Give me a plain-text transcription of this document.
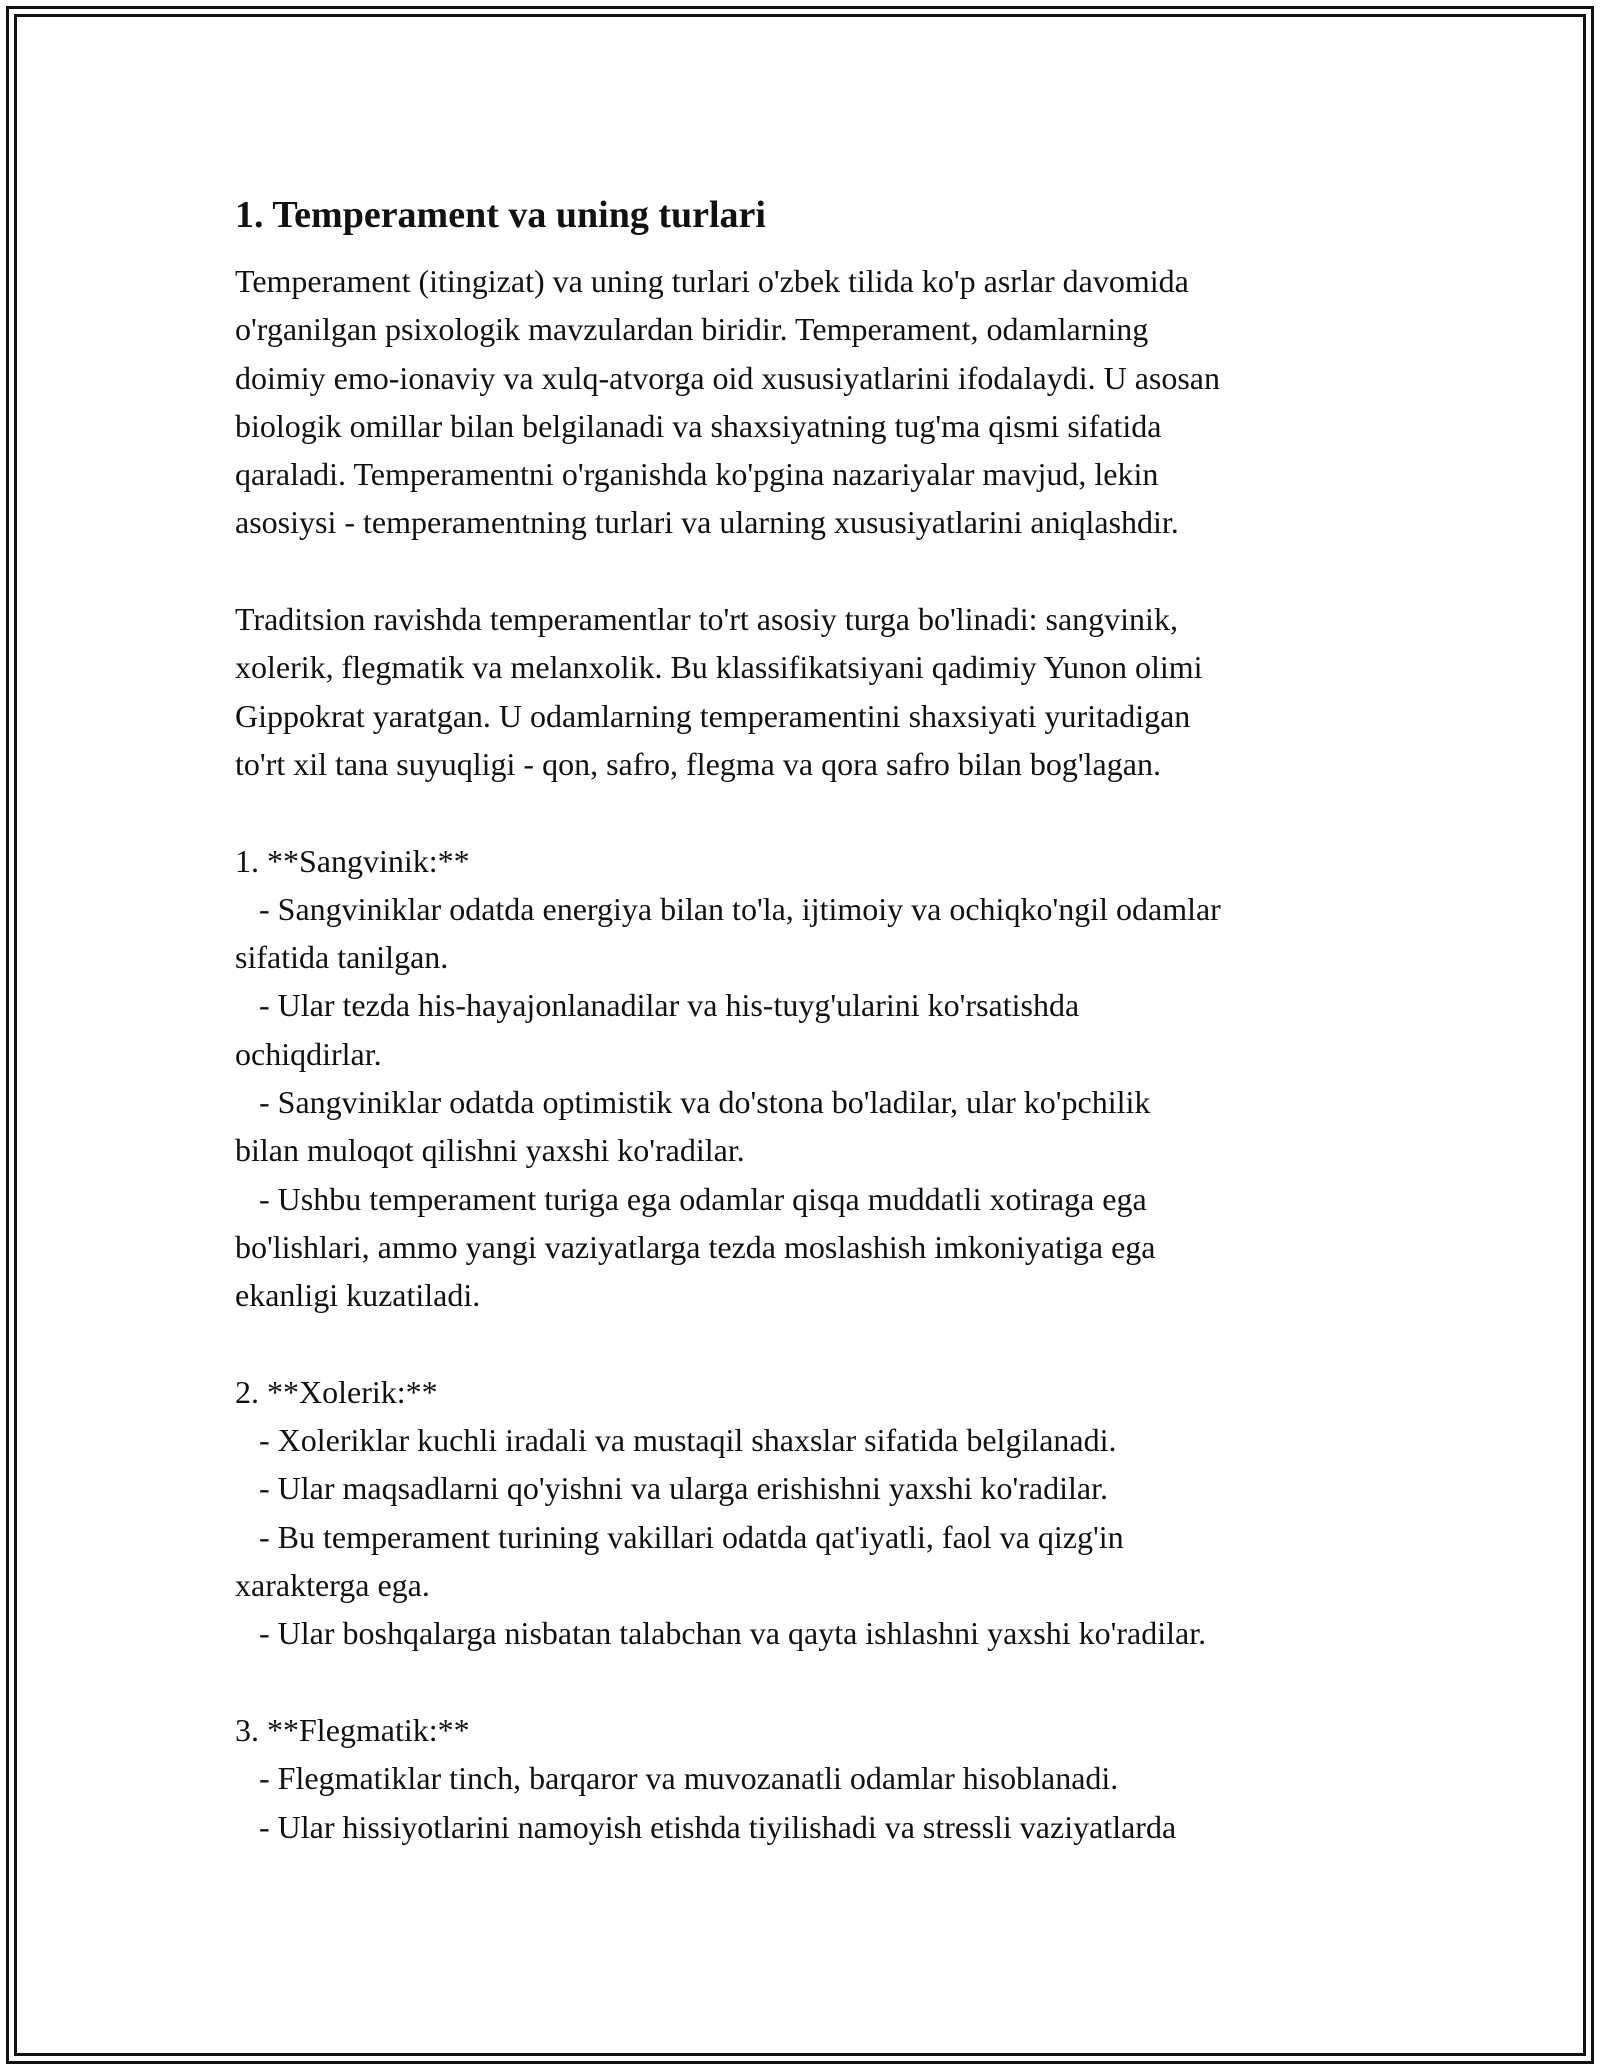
1. Temperament va uning turlari
Temperament (itingizat) va uning turlari o'zbek tilida ko'p asrlar davomida
o'rganilgan psixologik mavzulardan biridir. Temperament, odamlarning
doimiy emo-ionaviy va xulq-atvorga oid xususiyatlarini ifodalaydi. U asosan
biologik omillar bilan belgilanadi va shaxsiyatning tug'ma qismi sifatida
qaraladi. Temperamentni o'rganishda ko'pgina nazariyalar mavjud, lekin
asosiysi - temperamentning turlari va ularning xususiyatlarini aniqlashdir.
Traditsion ravishda temperamentlar to'rt asosiy turga bo'linadi: sangvinik,
xolerik, flegmatik va melanxolik. Bu klassifikatsiyani qadimiy Yunon olimi
Gippokrat yaratgan. U odamlarning temperamentini shaxsiyati yuritadigan
to'rt xil tana suyuqligi - qon, safro, flegma va qora safro bilan bog'lagan.
1. **Sangvinik:**
- Sangviniklar odatda energiya bilan to'la, ijtimoiy va ochiqko'ngil odamlar
sifatida tanilgan.
- Ular tezda his-hayajonlanadilar va his-tuyg'ularini ko'rsatishda
ochiqdirlar.
- Sangviniklar odatda optimistik va do'stona bo'ladilar, ular ko'pchilik
bilan muloqot qilishni yaxshi ko'radilar.
- Ushbu temperament turiga ega odamlar qisqa muddatli xotiraga ega
bo'lishlari, ammo yangi vaziyatlarga tezda moslashish imkoniyatiga ega
ekanligi kuzatiladi.
2. **Xolerik:**
- Xoleriklar kuchli iradali va mustaqil shaxslar sifatida belgilanadi.
- Ular maqsadlarni qo'yishni va ularga erishishni yaxshi ko'radilar.
- Bu temperament turining vakillari odatda qat'iyatli, faol va qizg'in
xarakterga ega.
- Ular boshqalarga nisbatan talabchan va qayta ishlashni yaxshi ko'radilar.
3. **Flegmatik:**
- Flegmatiklar tinch, barqaror va muvozanatli odamlar hisoblanadi.
- Ular hissiyotlarini namoyish etishda tiyilishadi va stressli vaziyatlarda
